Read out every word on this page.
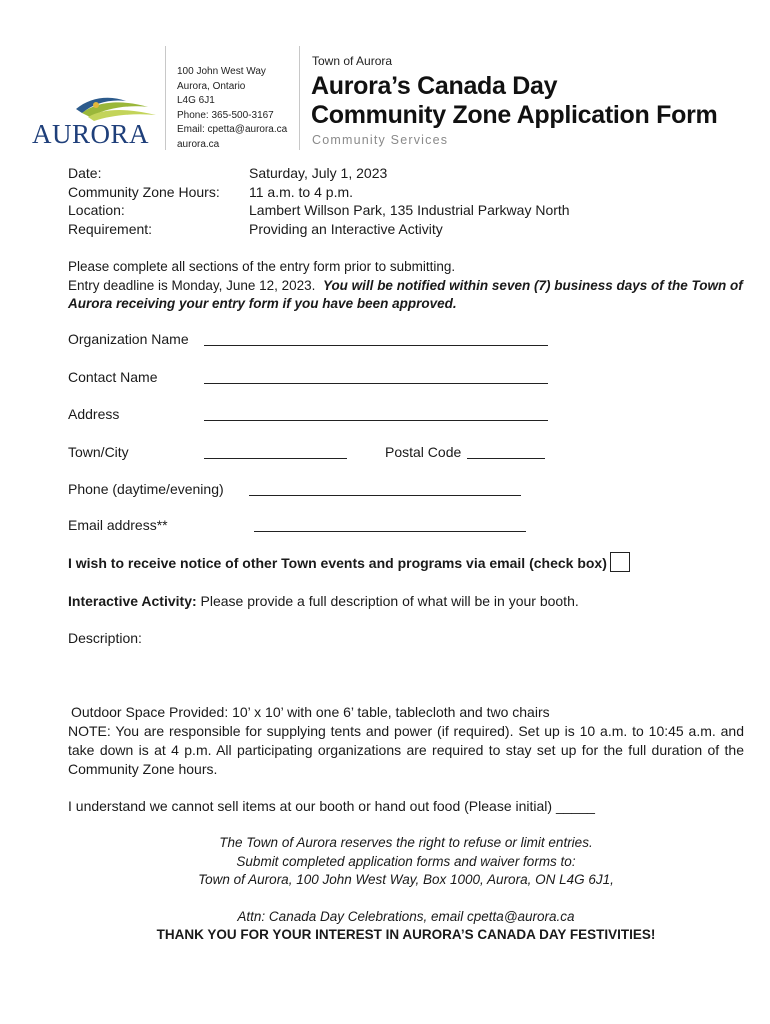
AURORA
100 John West Way
Aurora, Ontario
L4G 6J1
Phone: 365-500-3167
Email: cpetta@aurora.ca
aurora.ca
Town of Aurora
Aurora’s Canada Day
Community Zone Application Form
Community Services
Date:	Saturday, July 1, 2023
Community Zone Hours:	11 a.m. to 4 p.m.
Location:	Lambert Willson Park, 135 Industrial Parkway North
Requirement:	Providing an Interactive Activity
Please complete all sections of the entry form prior to submitting.
Entry deadline is Monday, June 12, 2023. You will be notified within seven (7) business days of the Town of Aurora receiving your entry form if you have been approved.
Organization Name
Contact Name
Address
Town/City	Postal Code
Phone (daytime/evening)
Email address**
I wish to receive notice of other Town events and programs via email (check box)
Interactive Activity: Please provide a full description of what will be in your booth.
Description:
Outdoor Space Provided: 10’ x 10’ with one 6’ table, tablecloth and two chairs
NOTE: You are responsible for supplying tents and power (if required). Set up is 10 a.m. to 10:45 a.m. and take down is at 4 p.m. All participating organizations are required to stay set up for the full duration of the Community Zone hours.
I understand we cannot sell items at our booth or hand out food (Please initial) _____
The Town of Aurora reserves the right to refuse or limit entries.
Submit completed application forms and waiver forms to:
Town of Aurora, 100 John West Way, Box 1000, Aurora, ON L4G 6J1,
Attn: Canada Day Celebrations, email cpetta@aurora.ca
THANK YOU FOR YOUR INTEREST IN AURORA’S CANADA DAY FESTIVITIES!
